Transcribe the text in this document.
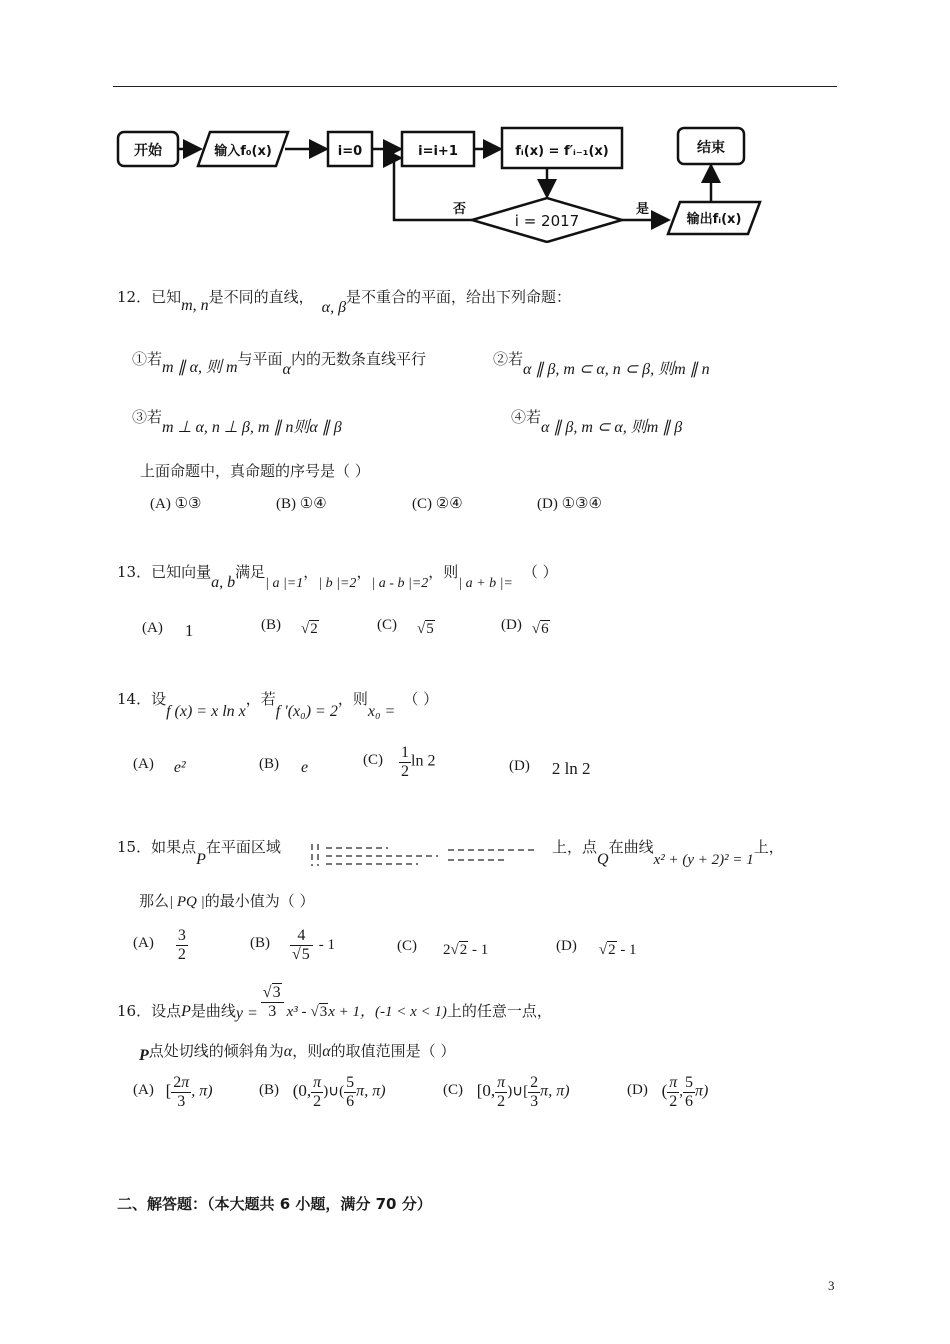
开始	输入f₀(x)	i=0	i=i+1	fᵢ(x) = f′ᵢ₋₁(x)
i = 2017
否	是
结束
输出fᵢ(x)
12．已知m, n是不同的直线，α, β是不重合的平面，给出下列命题：
①若m ∥ α, 则 m与平面α内的无数条直线平行	②若α ∥ β, m ⊂ α, n ⊂ β, 则m ∥ n
③若m ⊥ α, n ⊥ β, m ∥ n则α ∥ β
④若α ∥ β, m ⊂ α, 则m ∥ β
上面命题中，真命题的序号是（ ）
(A) ①③	(B) ①④	(C) ②④	(D) ①③④
13．已知向量a, b满足| a |=1，| b |=2，| a - b |=2，则| a + b |=（ ）
(A) 1	(B) √2	(C) √5	(D) √6
14．设f (x) = x ln x，若f ′(x₀) = 2，则x₀ =（ ）
(A) e²	(B) e	$(C) \frac{1}{2}$ ln 2	(D) 2 ln 2
15．如果点P在平面区域	上，点Q在曲线x² + (y + 2)² = 1上，
那么| PQ |的最小值为（ ）
$(A) \frac{3}{2}$	$(B) \frac{4}{√5} - 1$	(C) 2√2 - 1	(D) √2 - 1
16．设点P是曲线$y = \frac{√3}{3} x^3 - √3x + 1$，(-1 < x < 1)上的任意一点，
P点处切线的倾斜角为α，则α的取值范围是（ ）
(A) [ $\frac{2\pi}{3}$ , π)	(B) (0, $\frac{\pi}{2}$ )∪( $\frac{5}{6} \pi$, π)	(C) [0, $\frac{\pi}{2}$ )∪[ $\frac{2}{3} \pi$, π)	(D) ( $\frac{\pi}{2}$ , $\frac{5}{6} \pi$)
二、解答题：（本大题共 6 小题，满分 70 分）
3
